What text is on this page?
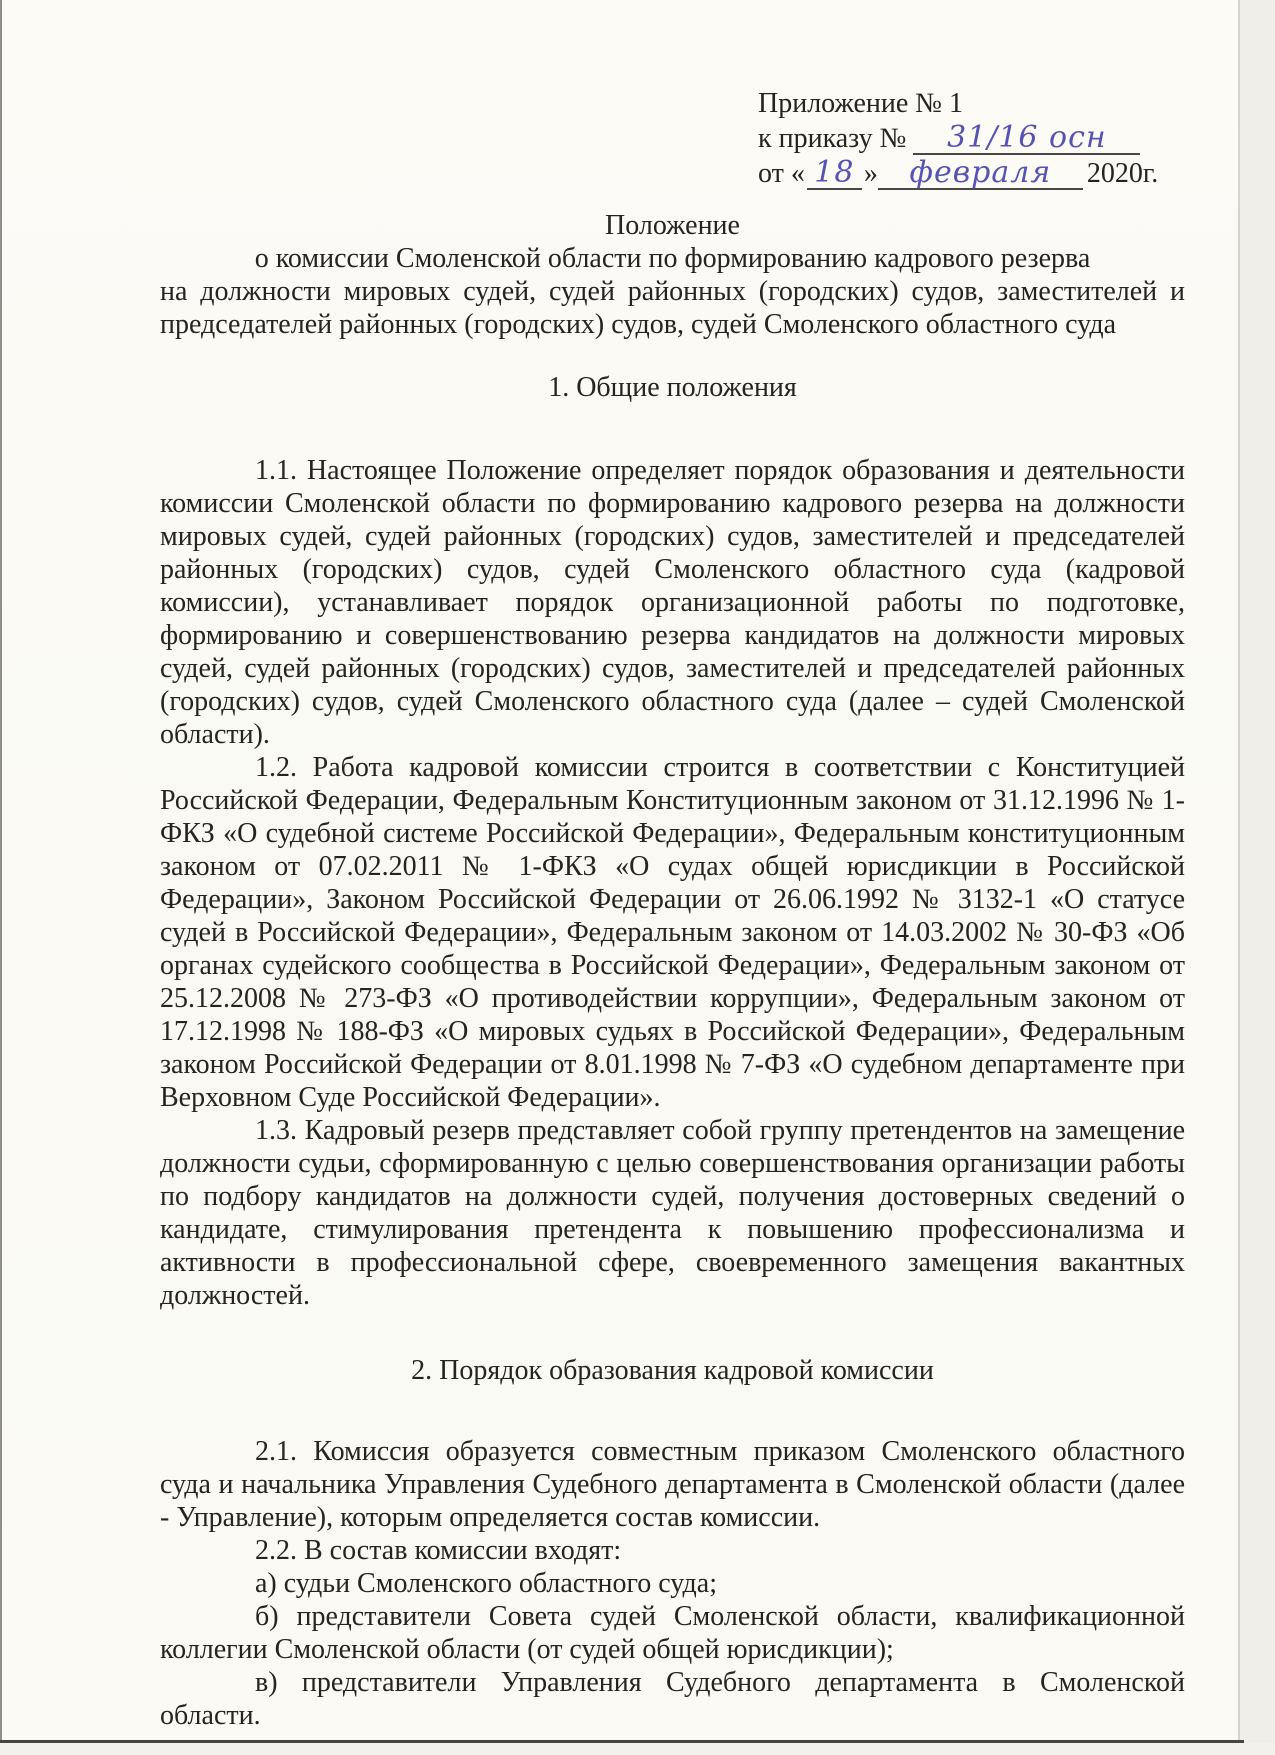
Приложение № 1
к приказу № 31/16 осн
от « 18 » февраля 2020г.
Положение
о комиссии Смоленской области по формированию кадрового резерва
на должности мировых судей, судей районных (городских) судов, заместителей и
председателей районных (городских) судов, судей Смоленского областного суда
1. Общие положения

1.1. Настоящее Положение определяет порядок образования и деятельности комиссии Смоленской области по формированию кадрового резерва на должности мировых судей, судей районных (городских) судов, заместителей и председателей районных (городских) судов, судей Смоленского областного суда (кадровой комиссии), устанавливает порядок организационной работы по подготовке, формированию и совершенствованию резерва кандидатов на должности мировых судей, судей районных (городских) судов, заместителей и председателей районных (городских) судов, судей Смоленского областного суда (далее – судей Смоленской области).

1.2. Работа кадровой комиссии строится в соответствии с Конституцией Российской Федерации, Федеральным Конституционным законом от 31.12.1996 № 1-ФКЗ «О судебной системе Российской Федерации», Федеральным конституционным законом от 07.02.2011 № 1-ФКЗ «О судах общей юрисдикции в Российской Федерации», Законом Российской Федерации от 26.06.1992 № 3132-1 «О статусе судей в Российской Федерации», Федеральным законом от 14.03.2002 № 30-ФЗ «Об органах судейского сообщества в Российской Федерации», Федеральным законом от 25.12.2008 № 273-ФЗ «О противодействии коррупции», Федеральным законом от 17.12.1998 № 188-ФЗ «О мировых судьях в Российской Федерации», Федеральным законом Российской Федерации от 8.01.1998 № 7-ФЗ «О судебном департаменте при Верховном Суде Российской Федерации».

1.3. Кадровый резерв представляет собой группу претендентов на замещение должности судьи, сформированную с целью совершенствования организации работы по подбору кандидатов на должности судей, получения достоверных сведений о кандидате, стимулирования претендента к повышению профессионализма и активности в профессиональной сфере, своевременного замещения вакантных должностей.

2. Порядок образования кадровой комиссии

2.1. Комиссия образуется совместным приказом Смоленского областного суда и начальника Управления Судебного департамента в Смоленской области (далее - Управление), которым определяется состав комиссии.

2.2. В состав комиссии входят:

а) судьи Смоленского областного суда;

б) представители Совета судей Смоленской области, квалификационной коллегии Смоленской области (от судей общей юрисдикции);

в) представители Управления Судебного департамента в Смоленской области.
